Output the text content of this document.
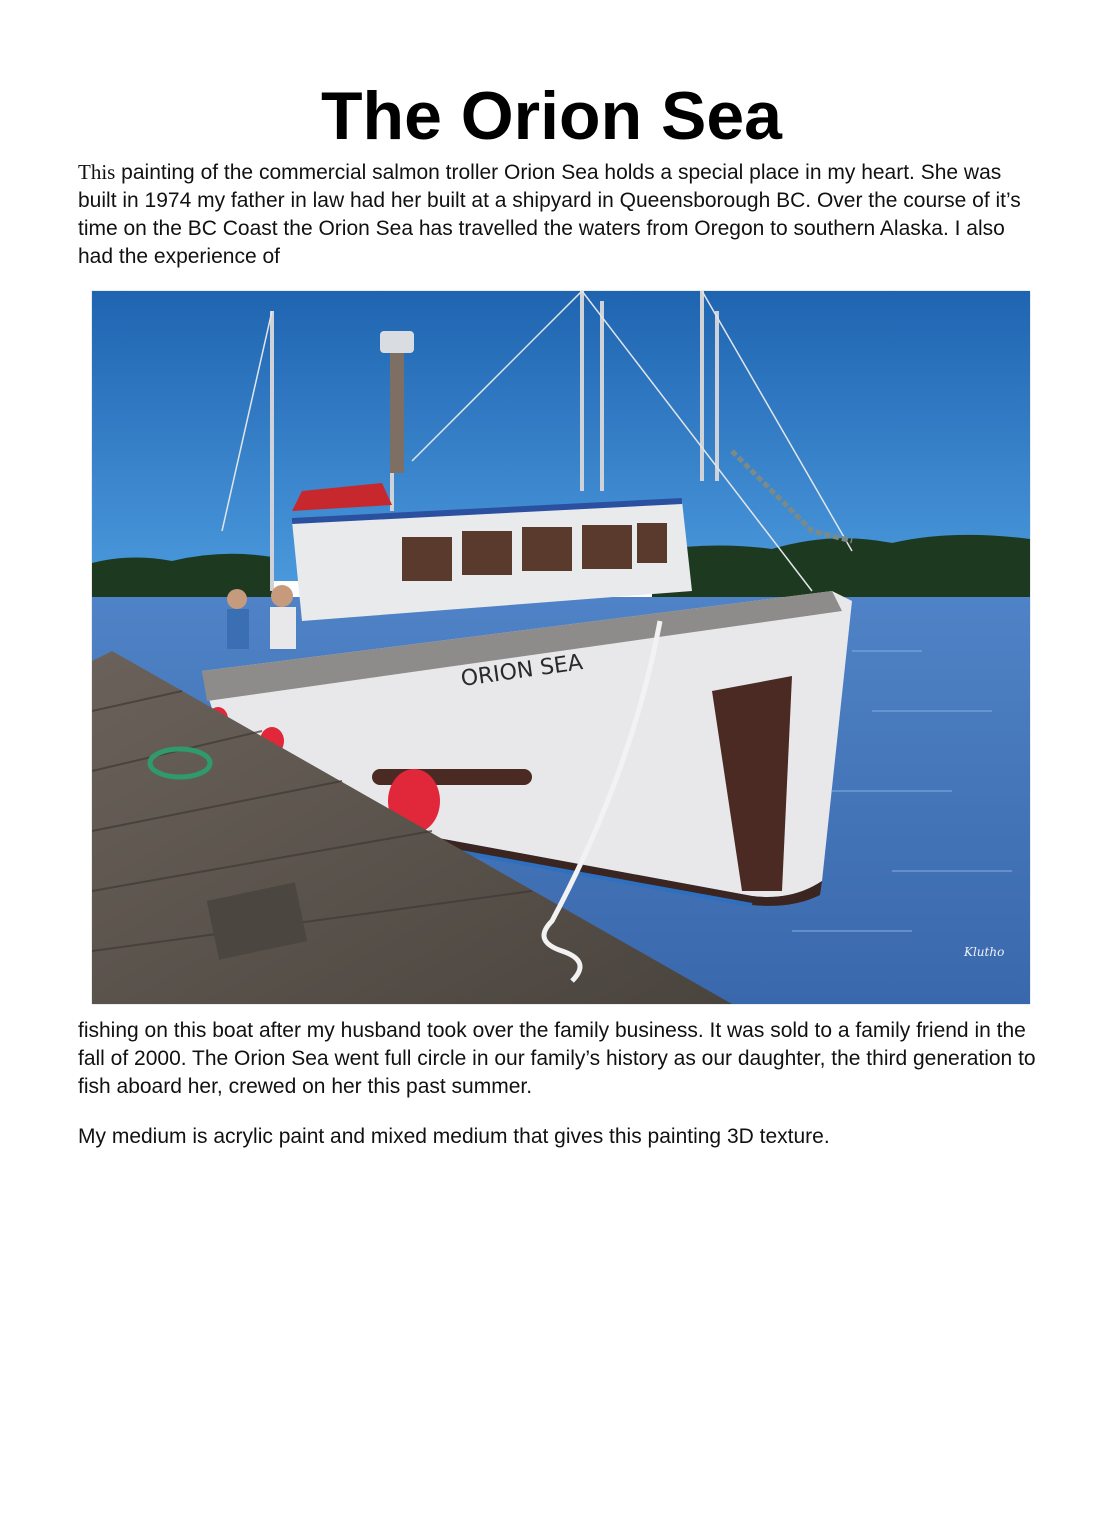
The Orion Sea

This painting of the commercial salmon troller Orion Sea holds a special place in my heart. She was built in 1974 my father in law had her built at a shipyard in Queensborough BC. Over the course of it’s time on the BC Coast the Orion Sea has travelled the waters from Oregon to southern Alaska. I also had the experience of

ORION SEA
Klutho

fishing on this boat after my husband took over the family business. It was sold to a family friend in the fall of 2000. The Orion Sea went full circle in our family’s history as our daughter, the third generation to fish aboard her, crewed on her this past summer.

My medium is acrylic paint and mixed medium that gives this painting 3D texture.
